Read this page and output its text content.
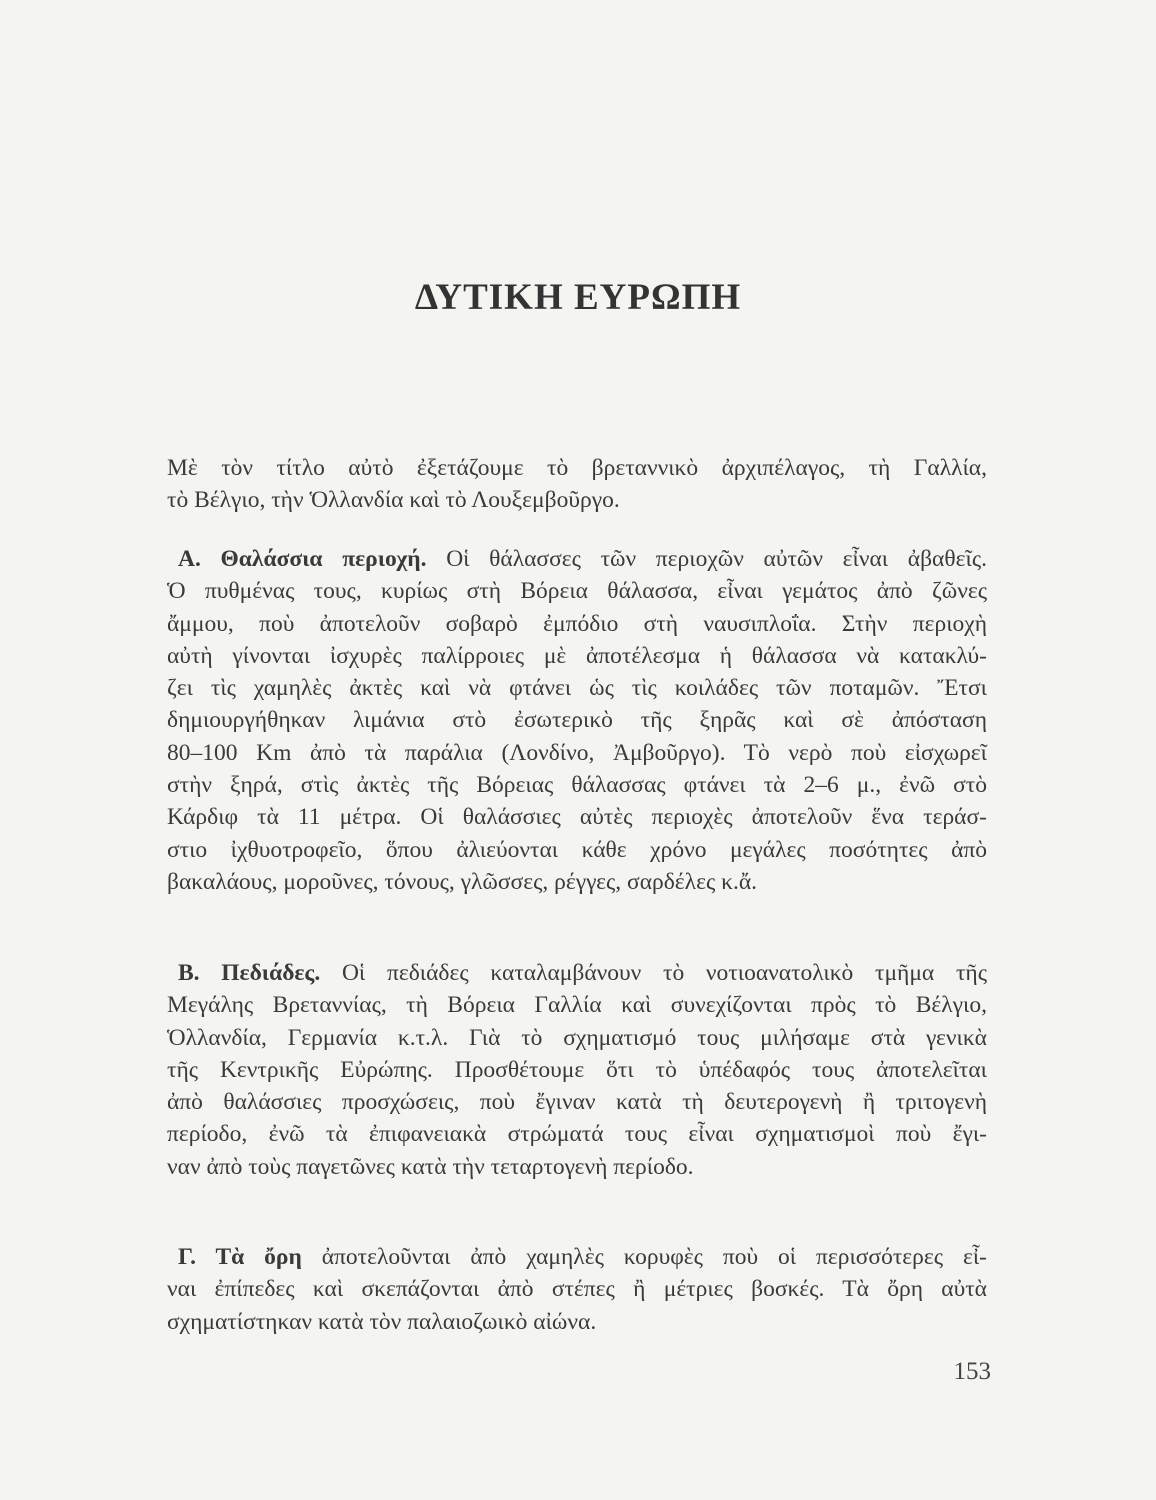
ΔΥΤΙΚΗ ΕΥΡΩΠΗ

Μὲ τὸν τίτλο αὐτὸ ἐξετάζουμε τὸ βρεταννικὸ ἀρχιπέλαγος, τὴ Γαλλία,
τὸ Βέλγιο, τὴν Ὁλλανδία καὶ τὸ Λουξεμβοῦργο.

Α. Θαλάσσια περιοχή. Οἱ θάλασσες τῶν περιοχῶν αὐτῶν εἶναι ἀβαθεῖς.
Ὁ πυθμένας τους, κυρίως στὴ Βόρεια θάλασσα, εἶναι γεμάτος ἀπὸ ζῶνες
ἄμμου, ποὺ ἀποτελοῦν σοβαρὸ ἐμπόδιο στὴ ναυσιπλοΐα. Στὴν περιοχὴ
αὐτὴ γίνονται ἰσχυρὲς παλίρροιες μὲ ἀποτέλεσμα ἡ θάλασσα νὰ κατακλύ-
ζει τὶς χαμηλὲς ἀκτὲς καὶ νὰ φτάνει ὡς τὶς κοιλάδες τῶν ποταμῶν. Ἔτσι
δημιουργήθηκαν λιμάνια στὸ ἐσωτερικὸ τῆς ξηρᾶς καὶ σὲ ἀπόσταση
80–100 Km ἀπὸ τὰ παράλια (Λονδίνο, Ἀμβοῦργο). Τὸ νερὸ ποὺ εἰσχωρεῖ
στὴν ξηρά, στὶς ἀκτὲς τῆς Βόρειας θάλασσας φτάνει τὰ 2–6 μ., ἐνῶ στὸ
Κάρδιφ τὰ 11 μέτρα. Οἱ θαλάσσιες αὐτὲς περιοχὲς ἀποτελοῦν ἕνα τεράσ-
στιο ἰχθυοτροφεῖο, ὅπου ἀλιεύονται κάθε χρόνο μεγάλες ποσότητες ἀπὸ
βακαλάους, μοροῦνες, τόνους, γλῶσσες, ρέγγες, σαρδέλες κ.ἄ.

Β. Πεδιάδες. Οἱ πεδιάδες καταλαμβάνουν τὸ νοτιοανατολικὸ τμῆμα τῆς
Μεγάλης Βρεταννίας, τὴ Βόρεια Γαλλία καὶ συνεχίζονται πρὸς τὸ Βέλγιο,
Ὁλλανδία, Γερμανία κ.τ.λ. Γιὰ τὸ σχηματισμό τους μιλήσαμε στὰ γενικὰ
τῆς Κεντρικῆς Εὐρώπης. Προσθέτουμε ὅτι τὸ ὑπέδαφός τους ἀποτελεῖται
ἀπὸ θαλάσσιες προσχώσεις, ποὺ ἔγιναν κατὰ τὴ δευτερογενὴ ἢ τριτογενὴ
περίοδο, ἐνῶ τὰ ἐπιφανειακὰ στρώματά τους εἶναι σχηματισμοὶ ποὺ ἔγι-
ναν ἀπὸ τοὺς παγετῶνες κατὰ τὴν τεταρτογενὴ περίοδο.

Γ. Τὰ ὄρη ἀποτελοῦνται ἀπὸ χαμηλὲς κορυφὲς ποὺ οἱ περισσότερες εἶ-
ναι ἐπίπεδες καὶ σκεπάζονται ἀπὸ στέπες ἢ μέτριες βοσκές. Τὰ ὄρη αὐτὰ
σχηματίστηκαν κατὰ τὸν παλαιοζωικὸ αἰώνα.

153
